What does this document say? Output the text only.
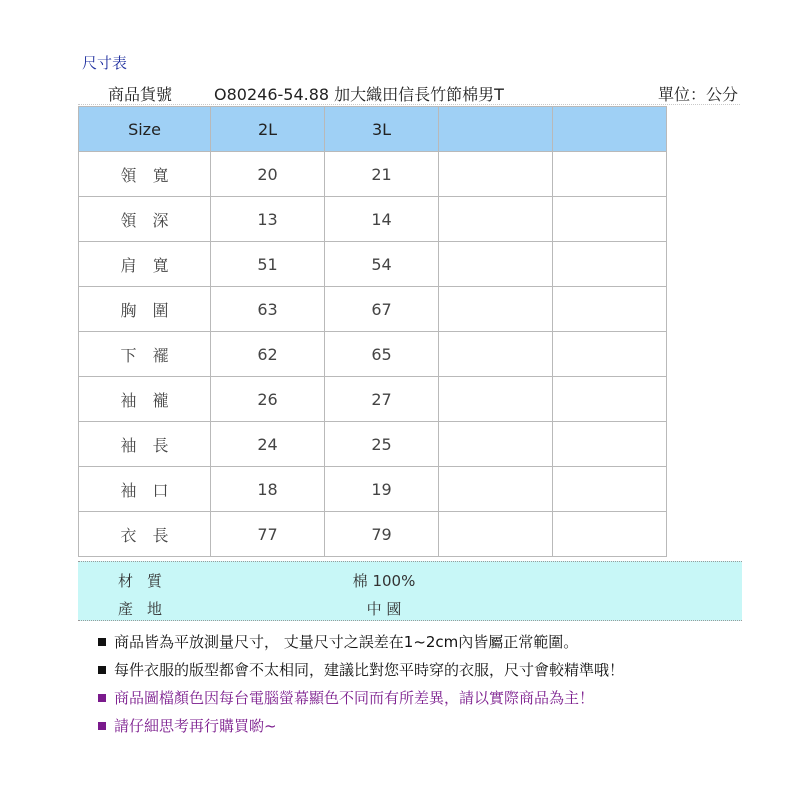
尺寸表
商品貨號	O80246-54.88 加大織田信長竹節棉男T	單位：公分
Size	2L	3L		
領寬	20	21		
領深	13	14		
肩寬	51	54		
胸圍	63	67		
下襬	62	65		
袖襱	26	27		
袖長	24	25		
袖口	18	19		
衣長	77	79		
材質	棉 100%
產地	中 國
商品皆為平放測量尺寸， 丈量尺寸之誤差在1~2cm內皆屬正常範圍。
每件衣服的版型都會不太相同，建議比對您平時穿的衣服，尺寸會較精準哦！
商品圖檔顏色因每台電腦螢幕顯色不同而有所差異，請以實際商品為主！
請仔細思考再行購買喲~
